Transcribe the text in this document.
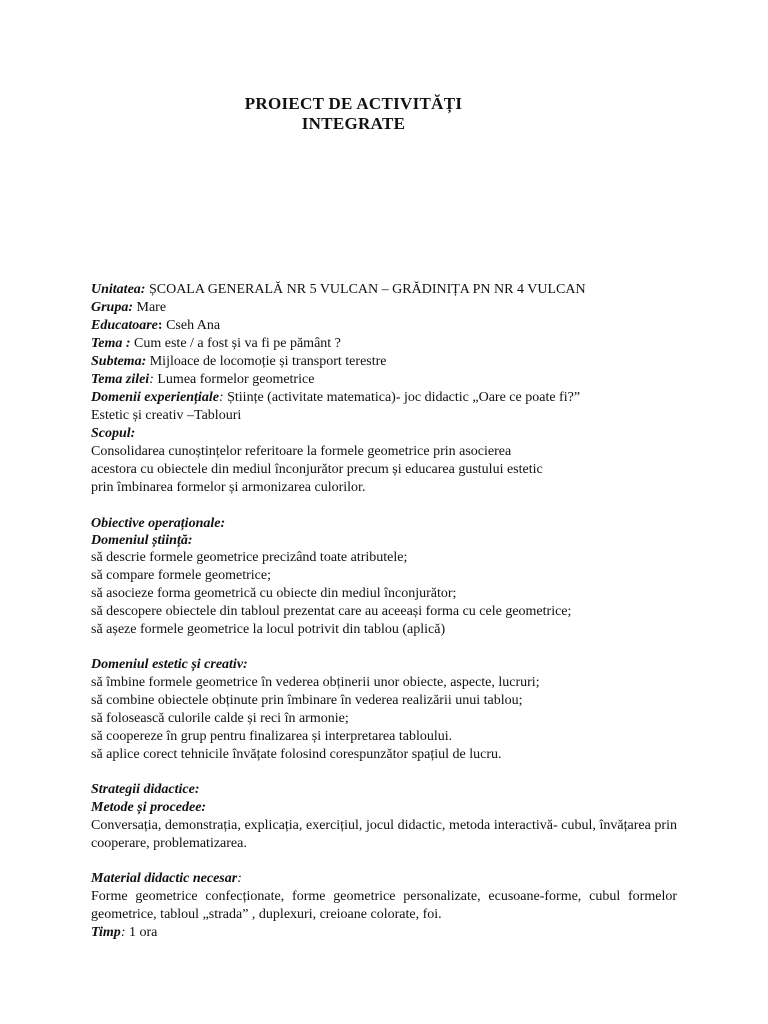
PROIECT DE ACTIVITĂȚI
INTEGRATE
Unitatea: ȘCOALA GENERALĂ NR 5 VULCAN – GRĂDINIȚA PN NR 4 VULCAN
Grupa: Mare
Educatoare: Cseh Ana
Tema : Cum este / a fost și va fi pe pământ ?
Subtema: Mijloace de locomoție și transport terestre
Tema zilei: Lumea formelor geometrice
Domenii experiențiale: Științe (activitate matematica)- joc didactic „Oare ce poate fi?”
Estetic și creativ –Tablouri
Scopul:
Consolidarea cunoștințelor referitoare la formele geometrice prin asocierea
acestora cu obiectele din mediul înconjurător precum și educarea gustului estetic
prin îmbinarea formelor și armonizarea culorilor.
Obiective operaționale:
Domeniul știință:
să descrie formele geometrice precizând toate atributele;
să compare formele geometrice;
să asocieze forma geometrică cu obiecte din mediul înconjurător;
să descopere obiectele din tabloul prezentat care au aceeași forma cu cele geometrice;
să așeze formele geometrice la locul potrivit din tablou (aplică)
Domeniul estetic și creativ:
să îmbine formele geometrice în vederea obținerii unor obiecte, aspecte, lucruri;
să combine obiectele obținute prin îmbinare în vederea realizării unui tablou;
să folosească culorile calde și reci în armonie;
să coopereze în grup pentru finalizarea și interpretarea tabloului.
să aplice corect tehnicile învățate folosind corespunzător spațiul de lucru.
Strategii didactice:
Metode și procedee:
Conversația, demonstrația, explicația, exercițiul, jocul didactic, metoda interactivă- cubul, învățarea prin cooperare, problematizarea.
Material didactic necesar:
Forme geometrice confecționate, forme geometrice personalizate, ecusoane-forme, cubul formelor geometrice, tabloul „strada” , duplexuri, creioane colorate, foi.
Timp: 1 ora
